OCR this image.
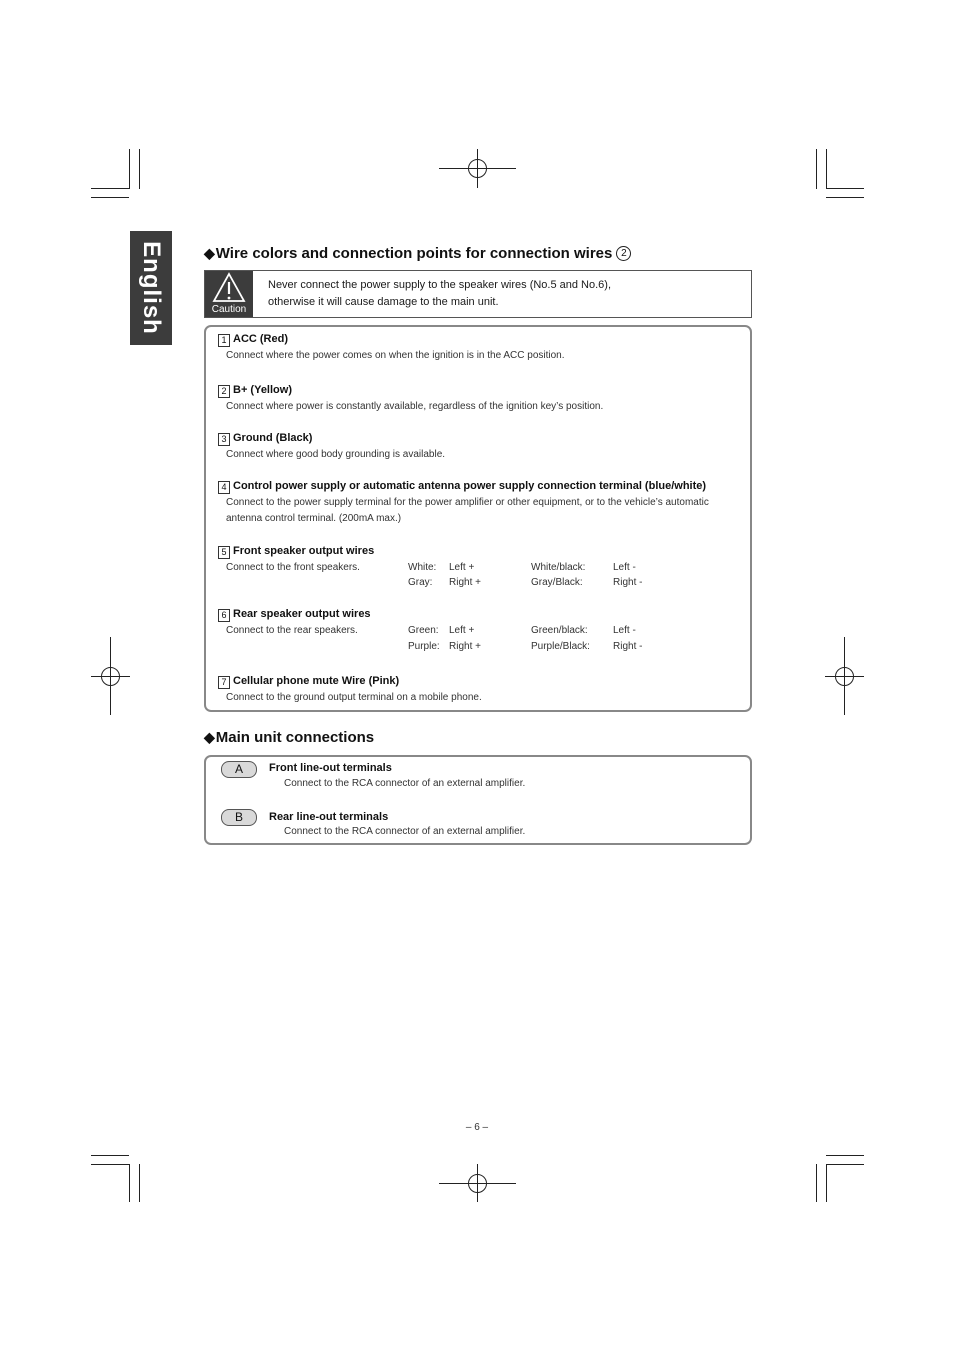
English	◆Wire colors and connection points for connection wires 2
Caution
Never connect the power supply to the speaker wires (No.5 and No.6),
otherwise it will cause damage to the main unit.
1 ACC (Red)
Connect where the power comes on when the ignition is in the ACC position.
2 B+ (Yellow)
Connect where power is constantly available, regardless of the ignition key’s position.
3 Ground (Black)
Connect where good body grounding is available.
4 Control power supply or automatic antenna power supply connection terminal (blue/white)
Connect to the power supply terminal for the power amplifier or other equipment, or to the vehicle’s automatic
antenna control terminal. (200mA max.)
5 Front speaker output wires
Connect to the front speakers.	White: Left +	White/black:	Left -
Gray: Right +	Gray/Black:	Right -
6 Rear speaker output wires
Connect to the rear speakers.	Green: Left +	Green/black:	Left -
Purple: Right +	Purple/Black: Right -
7 Cellular phone mute Wire (Pink)
Connect to the ground output terminal on a mobile phone.
◆Main unit connections
A	Front line-out terminals
Connect to the RCA connector of an external amplifier.
B	Rear line-out terminals
Connect to the RCA connector of an external amplifier.
– 6 –
